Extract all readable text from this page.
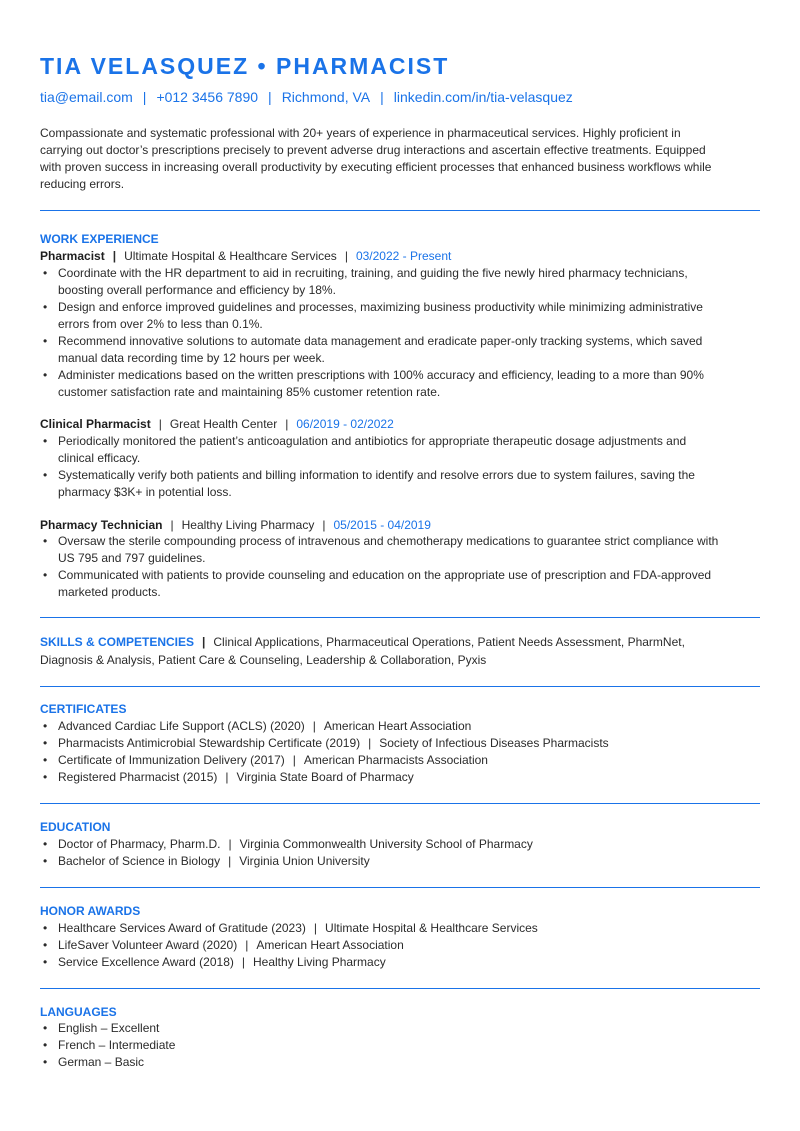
TIA VELASQUEZ • PHARMACIST
tia@email.com | +012 3456 7890 | Richmond, VA | linkedin.com/in/tia-velasquez
Compassionate and systematic professional with 20+ years of experience in pharmaceutical services. Highly proficient in carrying out doctor’s prescriptions precisely to prevent adverse drug interactions and ascertain effective treatments. Equipped with proven success in increasing overall productivity by executing efficient processes that enhanced business workflows while reducing errors.
WORK EXPERIENCE
Pharmacist | Ultimate Hospital & Healthcare Services | 03/2022 - Present
• Coordinate with the HR department to aid in recruiting, training, and guiding the five newly hired pharmacy technicians, boosting overall performance and efficiency by 18%.
• Design and enforce improved guidelines and processes, maximizing business productivity while minimizing administrative errors from over 2% to less than 0.1%.
• Recommend innovative solutions to automate data management and eradicate paper-only tracking systems, which saved manual data recording time by 12 hours per week.
• Administer medications based on the written prescriptions with 100% accuracy and efficiency, leading to a more than 90% customer satisfaction rate and maintaining 85% customer retention rate.
Clinical Pharmacist | Great Health Center | 06/2019 - 02/2022
• Periodically monitored the patient’s anticoagulation and antibiotics for appropriate therapeutic dosage adjustments and clinical efficacy.
• Systematically verify both patients and billing information to identify and resolve errors due to system failures, saving the pharmacy $3K+ in potential loss.
Pharmacy Technician | Healthy Living Pharmacy | 05/2015 - 04/2019
• Oversaw the sterile compounding process of intravenous and chemotherapy medications to guarantee strict compliance with US 795 and 797 guidelines.
• Communicated with patients to provide counseling and education on the appropriate use of prescription and FDA-approved marketed products.
SKILLS & COMPETENCIES | Clinical Applications, Pharmaceutical Operations, Patient Needs Assessment, PharmNet, Diagnosis & Analysis, Patient Care & Counseling, Leadership & Collaboration, Pyxis
CERTIFICATES
• Advanced Cardiac Life Support (ACLS) (2020) | American Heart Association
• Pharmacists Antimicrobial Stewardship Certificate (2019) | Society of Infectious Diseases Pharmacists
• Certificate of Immunization Delivery (2017) | American Pharmacists Association
• Registered Pharmacist (2015) | Virginia State Board of Pharmacy
EDUCATION
• Doctor of Pharmacy, Pharm.D. | Virginia Commonwealth University School of Pharmacy
• Bachelor of Science in Biology | Virginia Union University
HONOR AWARDS
• Healthcare Services Award of Gratitude (2023) | Ultimate Hospital & Healthcare Services
• LifeSaver Volunteer Award (2020) | American Heart Association
• Service Excellence Award (2018) | Healthy Living Pharmacy
LANGUAGES
• English – Excellent
• French – Intermediate
• German – Basic
